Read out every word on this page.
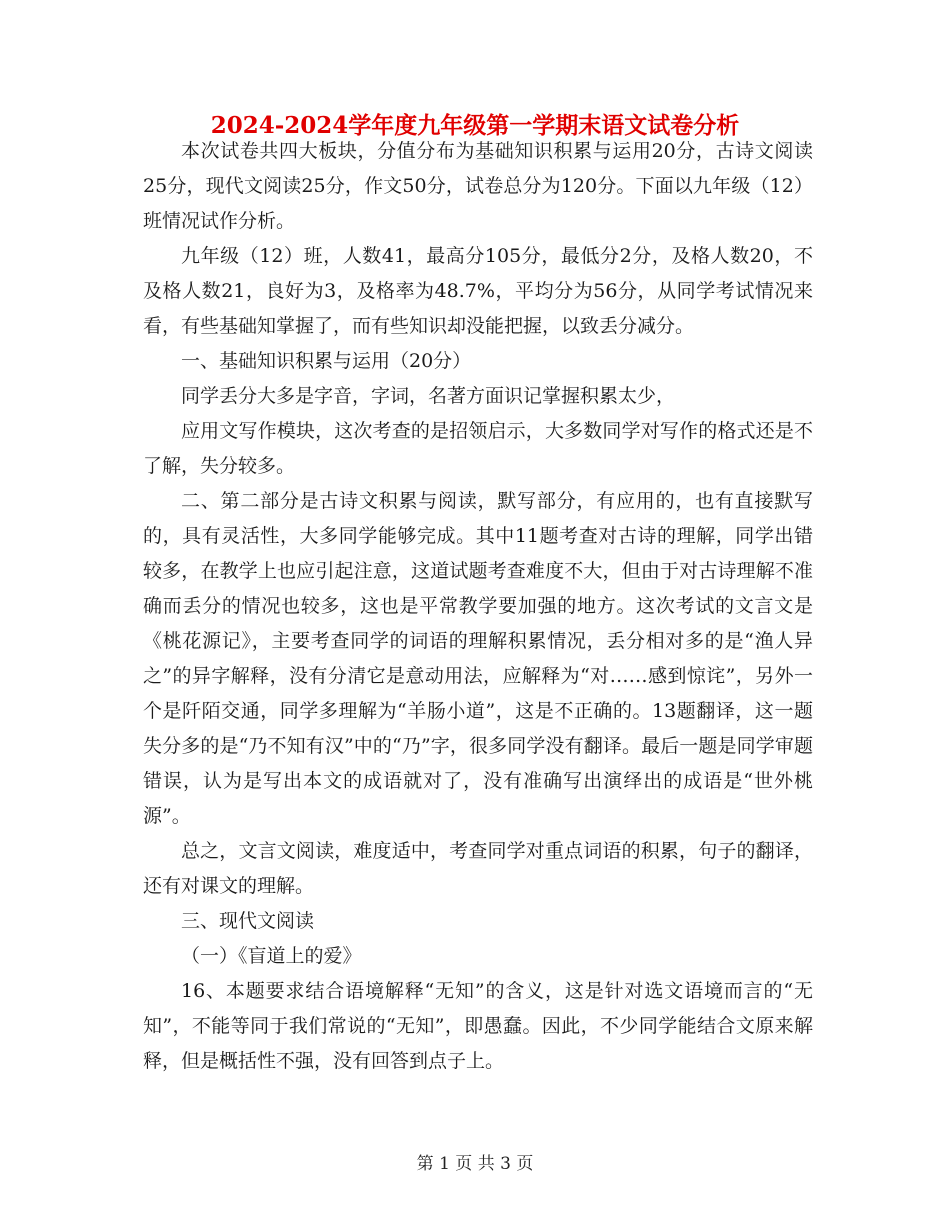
2024-2024学年度九年级第一学期末语文试卷分析

本次试卷共四大板块，分值分布为基础知识积累与运用20分，古诗文阅读25分，现代文阅读25分，作文50分，试卷总分为120分。下面以九年级（12）班情况试作分析。

九年级（12）班，人数41，最高分105分，最低分2分，及格人数20，不及格人数21，良好为3，及格率为48.7%，平均分为56分，从同学考试情况来看，有些基础知掌握了，而有些知识却没能把握，以致丢分减分。

一、基础知识积累与运用（20分）

同学丢分大多是字音，字词，名著方面识记掌握积累太少，

应用文写作模块，这次考查的是招领启示，大多数同学对写作的格式还是不了解，失分较多。

二、第二部分是古诗文积累与阅读，默写部分，有应用的，也有直接默写的，具有灵活性，大多同学能够完成。其中11题考查对古诗的理解，同学出错较多，在教学上也应引起注意，这道试题考查难度不大，但由于对古诗理解不准确而丢分的情况也较多，这也是平常教学要加强的地方。这次考试的文言文是《桃花源记》，主要考查同学的词语的理解积累情况，丢分相对多的是“渔人异之”的异字解释，没有分清它是意动用法，应解释为“对……感到惊诧”，另外一个是阡陌交通，同学多理解为“羊肠小道”，这是不正确的。13题翻译，这一题失分多的是“乃不知有汉”中的“乃”字，很多同学没有翻译。最后一题是同学审题错误，认为是写出本文的成语就对了，没有准确写出演绎出的成语是“世外桃源”。

总之，文言文阅读，难度适中，考查同学对重点词语的积累，句子的翻译，还有对课文的理解。

三、现代文阅读

（一）《盲道上的爱》

16、本题要求结合语境解释“无知”的含义，这是针对选文语境而言的“无知”，不能等同于我们常说的“无知”，即愚蠢。因此，不少同学能结合文原来解释，但是概括性不强，没有回答到点子上。

第 1 页 共 3 页
